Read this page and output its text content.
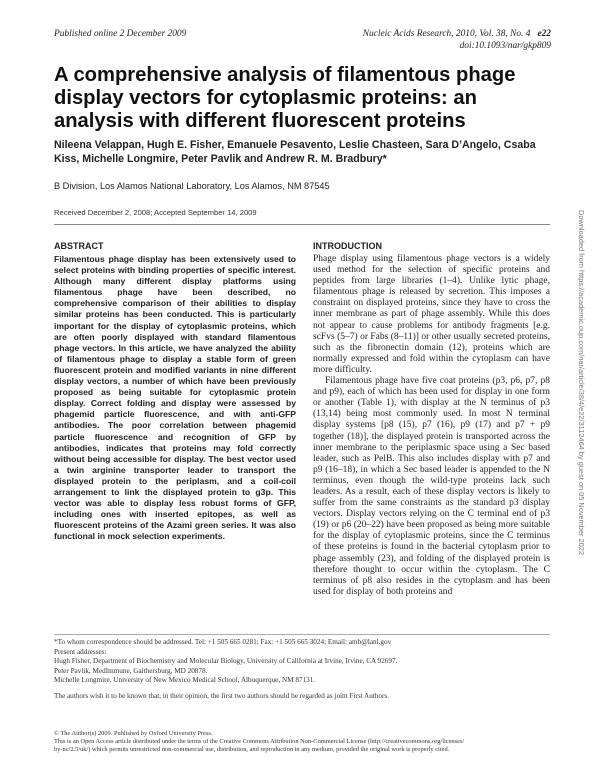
Published online 2 December 2009	Nucleic Acids Research, 2010, Vol. 38, No. 4 e22
doi:10.1093/nar/gkp809
A comprehensive analysis of filamentous phage display vectors for cytoplasmic proteins: an analysis with different fluorescent proteins
Nileena Velappan, Hugh E. Fisher, Emanuele Pesavento, Leslie Chasteen, Sara D’Angelo, Csaba Kiss, Michelle Longmire, Peter Pavlik and Andrew R. M. Bradbury*
B Division, Los Alamos National Laboratory, Los Alamos, NM 87545
Received December 2, 2008; Accepted September 14, 2009
ABSTRACT

Filamentous phage display has been extensively used to select proteins with binding properties of specific interest. Although many different display platforms using filamentous phage have been described, no comprehensive comparison of their abilities to display similar proteins has been conducted. This is particularly important for the display of cytoplasmic proteins, which are often poorly displayed with standard filamentous phage vectors. In this article, we have analyzed the ability of filamentous phage to display a stable form of green fluorescent protein and modified variants in nine different display vectors, a number of which have been previously proposed as being suitable for cytoplasmic protein display. Correct folding and display were assessed by phagemid particle fluorescence, and with anti-GFP antibodies. The poor correlation between phagemid particle fluorescence and recognition of GFP by antibodies, indicates that proteins may fold correctly without being accessible for display. The best vector used a twin arginine transporter leader to transport the displayed protein to the periplasm, and a coil-coil arrangement to link the displayed protein to g3p. This vector was able to display less robust forms of GFP, including ones with inserted epitopes, as well as fluorescent proteins of the Azami green series. It was also functional in mock selection experiments.

INTRODUCTION

Phage display using filamentous phage vectors is a widely used method for the selection of specific proteins and peptides from large libraries (1–4). Unlike lytic phage, filamentous phage is released by secretion. This imposes a constraint on displayed proteins, since they have to cross the inner membrane as part of phage assembly. While this does not appear to cause problems for antibody fragments [e.g. scFvs (5–7) or Fabs (8–11)] or other usually secreted proteins, such as the fibronectin domain (12), proteins which are normally expressed and fold within the cytoplasm can have more difficulty.

Filamentous phage have five coat proteins (p3, p6, p7, p8 and p9), each of which has been used for display in one form or another (Table 1), with display at the N terminus of p3 (13,14) being most commonly used. In most N terminal display systems [p8 (15), p7 (16), p9 (17) and p7 + p9 together (18)], the displayed protein is transported across the inner membrane to the periplasmic space using a Sec based leader, such as PelB. This also includes display with p7 and p9 (16–18), in which a Sec based leader is appended to the N terminus, even though the wild-type proteins lack such leaders. As a result, each of these display vectors is likely to suffer from the same constraints as the standard p3 display vectors. Display vectors relying on the C terminal end of p3 (19) or p6 (20–22) have been proposed as being more suitable for the display of cytoplasmic proteins, since the C terminus of these proteins is found in the bacterial cytoplasm prior to phage assembly (23), and folding of the displayed protein is therefore thought to occur within the cytoplasm. The C terminus of p8 also resides in the cytoplasm and has been used for display of both proteins and

*To whom correspondence should be addressed. Tel: +1 505 665 0281; Fax: +1 505 665 3024; Email: amb@lanl.gov
Present addresses:
Hugh Fisher, Department of Biochemistry and Molecular Biology, University of California at Irvine, Irvine, CA 92697.
Peter Pavlik, MedImmune, Gaithersburg, MD 20878.
Michelle Longmire, University of New Mexico Medical School, Albuquerque, NM 87131.
The authors wish it to be known that, in their opinion, the first two authors should be regarded as joint First Authors.
© The Author(s) 2009. Published by Oxford University Press.
This is an Open Access article distributed under the terms of the Creative Commons Attribution Non-Commercial License (http://creativecommons.org/licenses/
by-nc/2.5/uk/) which permits unrestricted non-commercial use, distribution, and reproduction in any medium, provided the original work is properly cited.
Downloaded from https://academic.oup.com/nar/article/38/4/e22/3112464 by guest on 05 November 2022
